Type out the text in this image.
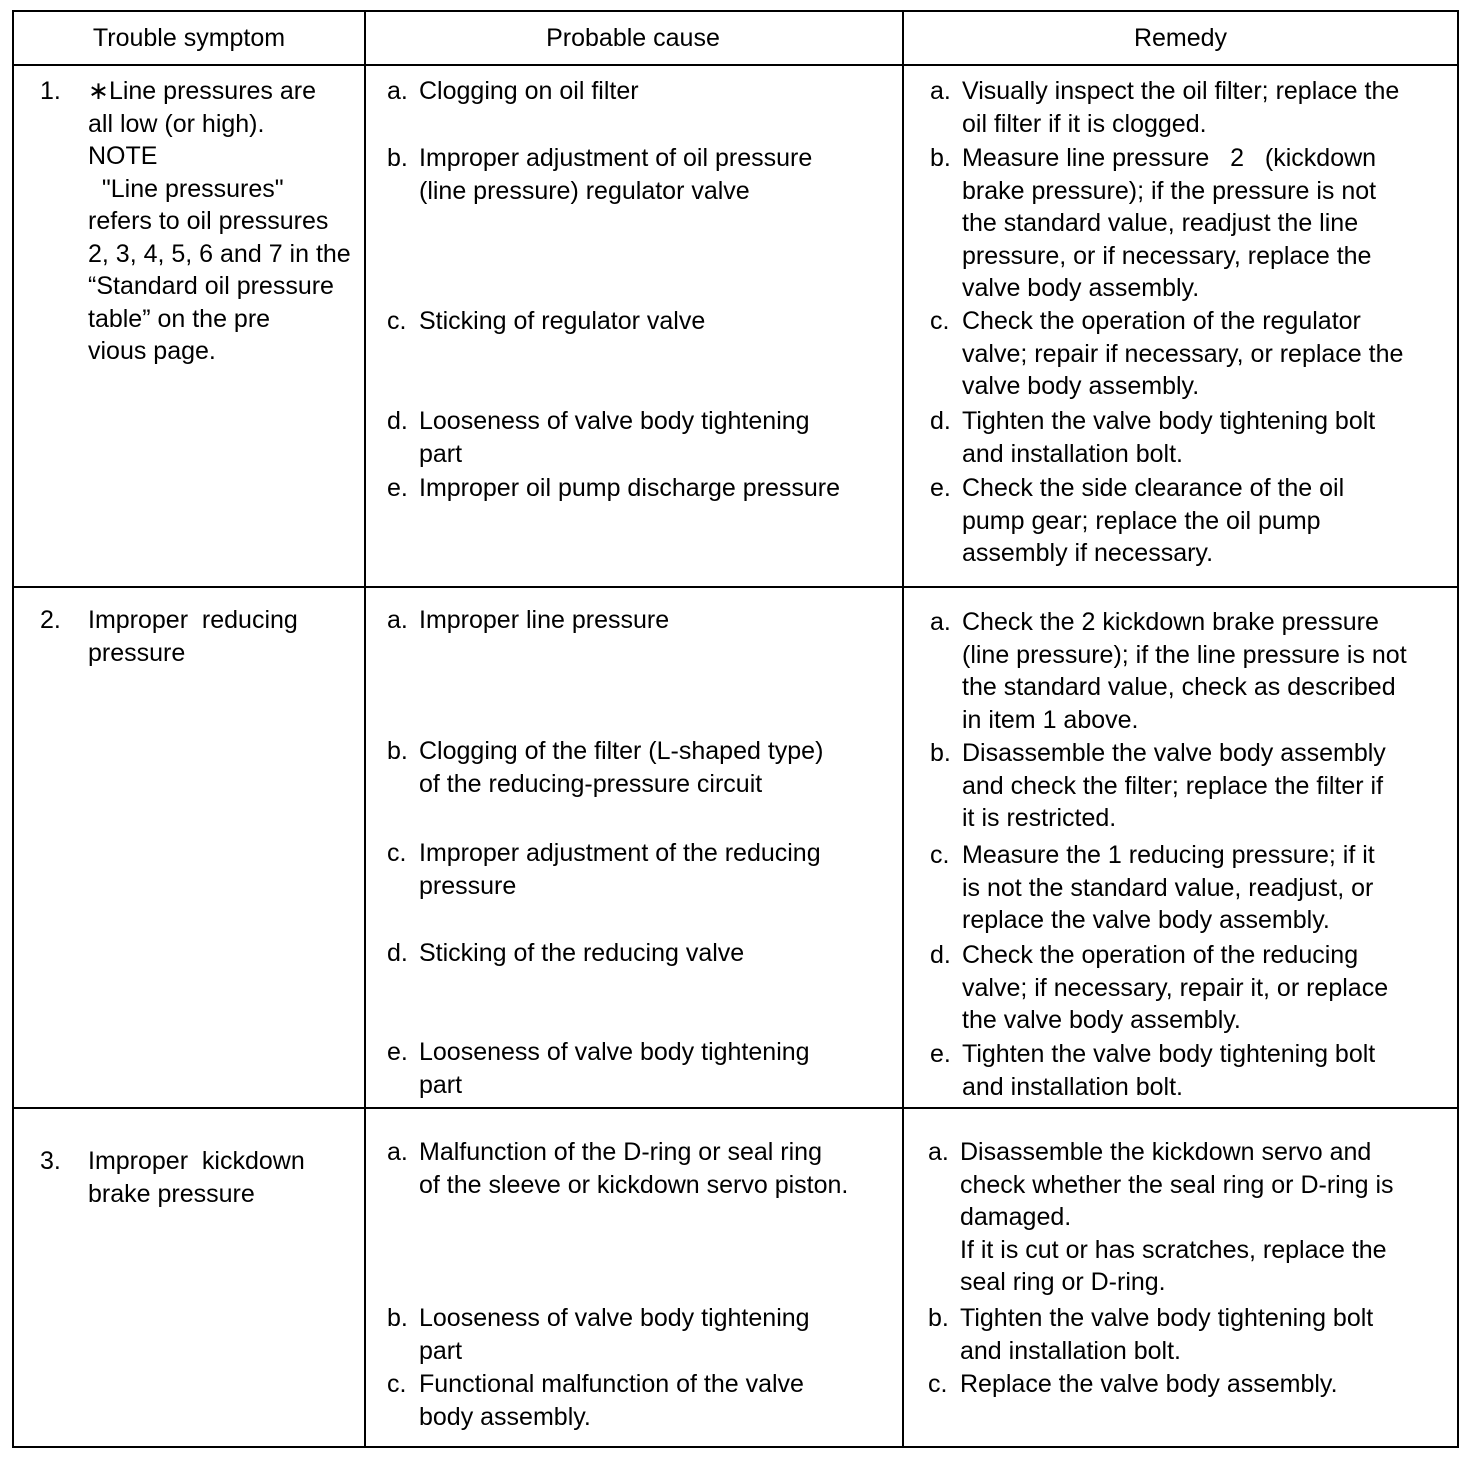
Trouble symptom	Probable cause	Remedy
1. ∗Line pressures are
all low (or high).
NOTE
"Line pressures"
refers to oil pressures
2, 3, 4, 5, 6 and 7 in the
“Standard oil pressure
table” on the pre
vious page.
a. Clogging on oil filter
b. Improper adjustment of oil pressure
(line pressure) regulator valve
c. Sticking of regulator valve
d. Looseness of valve body tightening
part
e. Improper oil pump discharge pressure
a. Visually inspect the oil filter; replace the
oil filter if it is clogged.
b. Measure line pressure   2   (kickdown
brake pressure); if the pressure is not
the standard value, readjust the line
pressure, or if necessary, replace the
valve body assembly.
c. Check the operation of the regulator
valve; repair if necessary, or replace the
valve body assembly.
d. Tighten the valve body tightening bolt
and installation bolt.
e. Check the side clearance of the oil
pump gear; replace the oil pump
assembly if necessary.
2. Improper  reducing
pressure
a. Improper line pressure
b. Clogging of the filter (L-shaped type)
of the reducing-pressure circuit
c. Improper adjustment of the reducing
pressure
d. Sticking of the reducing valve
e. Looseness of valve body tightening
part
a. Check the 2 kickdown brake pressure
(line pressure); if the line pressure is not
the standard value, check as described
in item 1 above.
b. Disassemble the valve body assembly
and check the filter; replace the filter if
it is restricted.
c. Measure the 1 reducing pressure; if it
is not the standard value, readjust, or
replace the valve body assembly.
d. Check the operation of the reducing
valve; if necessary, repair it, or replace
the valve body assembly.
e. Tighten the valve body tightening bolt
and installation bolt.
3. Improper  kickdown
brake pressure
a. Malfunction of the D-ring or seal ring
of the sleeve or kickdown servo piston.
b. Looseness of valve body tightening
part
c. Functional malfunction of the valve
body assembly.
a. Disassemble the kickdown servo and
check whether the seal ring or D-ring is
damaged.
If it is cut or has scratches, replace the
seal ring or D-ring.
b. Tighten the valve body tightening bolt
and installation bolt.
c. Replace the valve body assembly.
